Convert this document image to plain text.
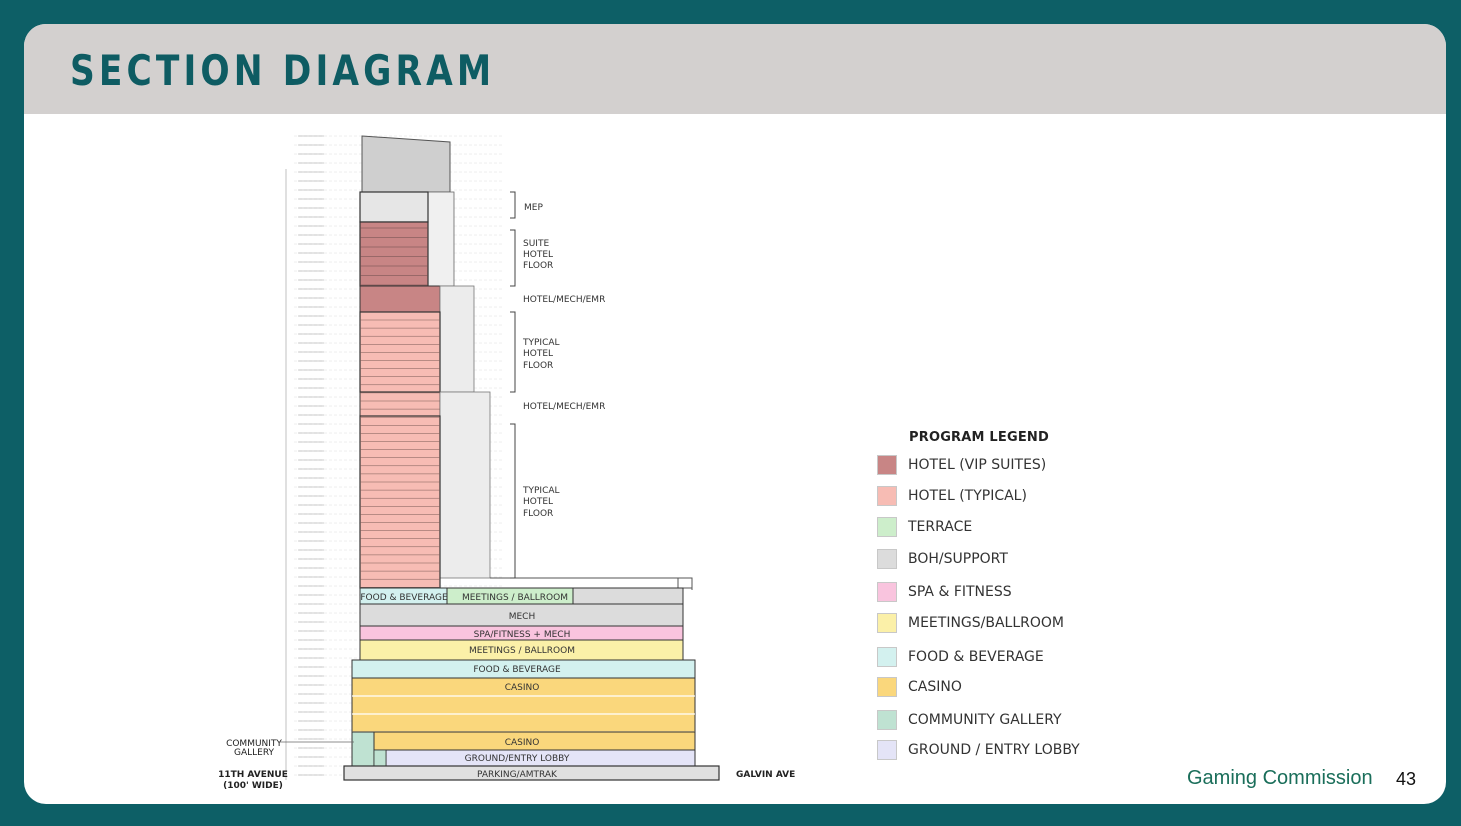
SECTION DIAGRAM
FOOD & BEVERAGE MEETINGS / BALLROOM
MECH
SPA/FITNESS + MECH
MEETINGS / BALLROOM
FOOD & BEVERAGE
CASINO
CASINO
GROUND/ENTRY LOBBY
PARKING/AMTRAK
MEP
SUITE
HOTEL
FLOOR
HOTEL/MECH/EMR
TYPICAL
HOTEL
FLOOR
HOTEL/MECH/EMR
TYPICAL
HOTEL
FLOOR
COMMUNITY
GALLERY
11TH AVENUE
(100' WIDE)
GALVIN AVE
PROGRAM LEGEND
HOTEL (VIP SUITES)
HOTEL (TYPICAL)
TERRACE
BOH/SUPPORT
SPA & FITNESS
MEETINGS/BALLROOM
FOOD & BEVERAGE
CASINO
COMMUNITY GALLERY
GROUND / ENTRY LOBBY
Gaming Commission 43
